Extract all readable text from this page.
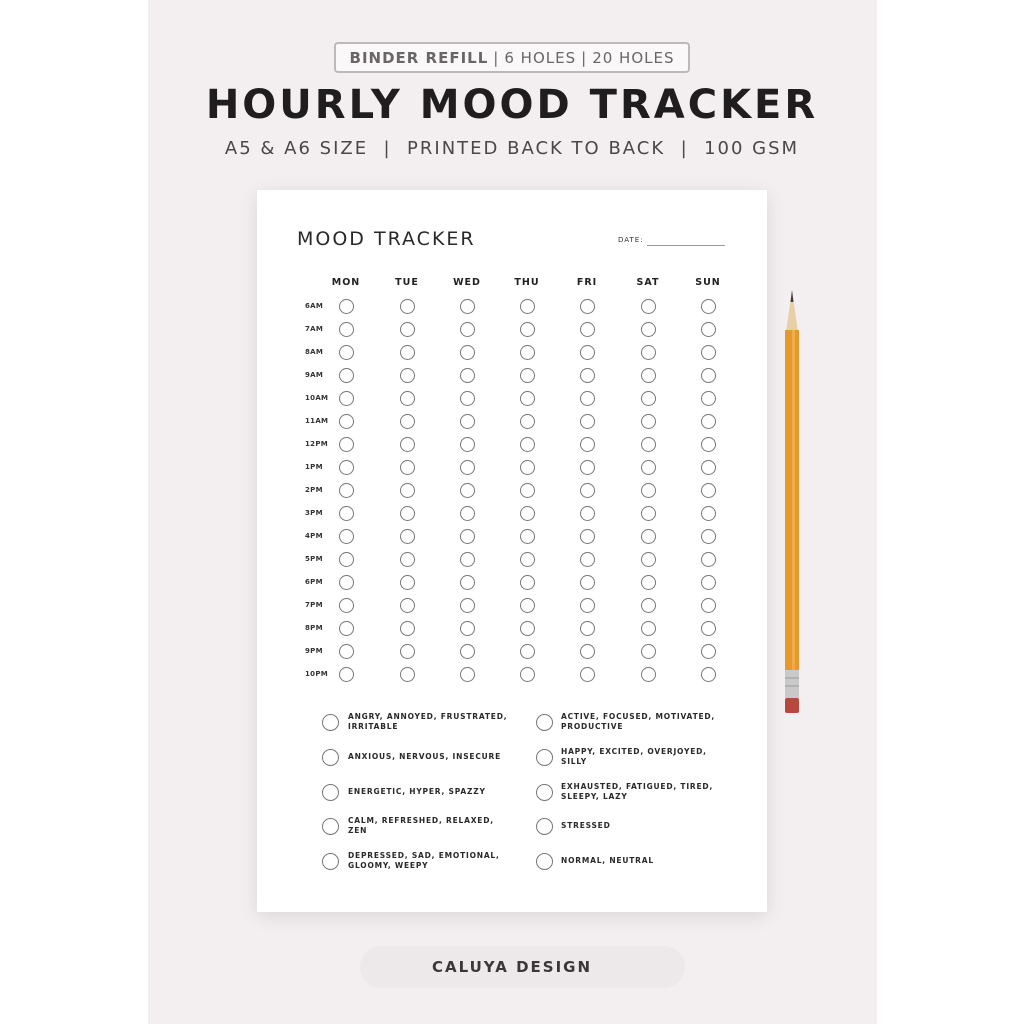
BINDER REFILL | 6 HOLES | 20 HOLES
HOURLY MOOD TRACKER
A5 & A6 SIZE  |  PRINTED BACK TO BACK  |  100 GSM
MOOD TRACKER	DATE:
MON	TUE	WED	THU	FRI	SAT	SUN
6AM
7AM
8AM
9AM
10AM
11AM
12PM
1PM
2PM
3PM
4PM
5PM
6PM
7PM
8PM
9PM
10PM
ANGRY, ANNOYED, FRUSTRATED, IRRITABLE
ANXIOUS, NERVOUS, INSECURE
ENERGETIC, HYPER, SPAZZY
CALM, REFRESHED, RELAXED, ZEN
DEPRESSED, SAD, EMOTIONAL, GLOOMY, WEEPY
ACTIVE, FOCUSED, MOTIVATED, PRODUCTIVE
HAPPY, EXCITED, OVERJOYED, SILLY
EXHAUSTED, FATIGUED, TIRED, SLEEPY, LAZY
STRESSED
NORMAL, NEUTRAL
CALUYA DESIGN
